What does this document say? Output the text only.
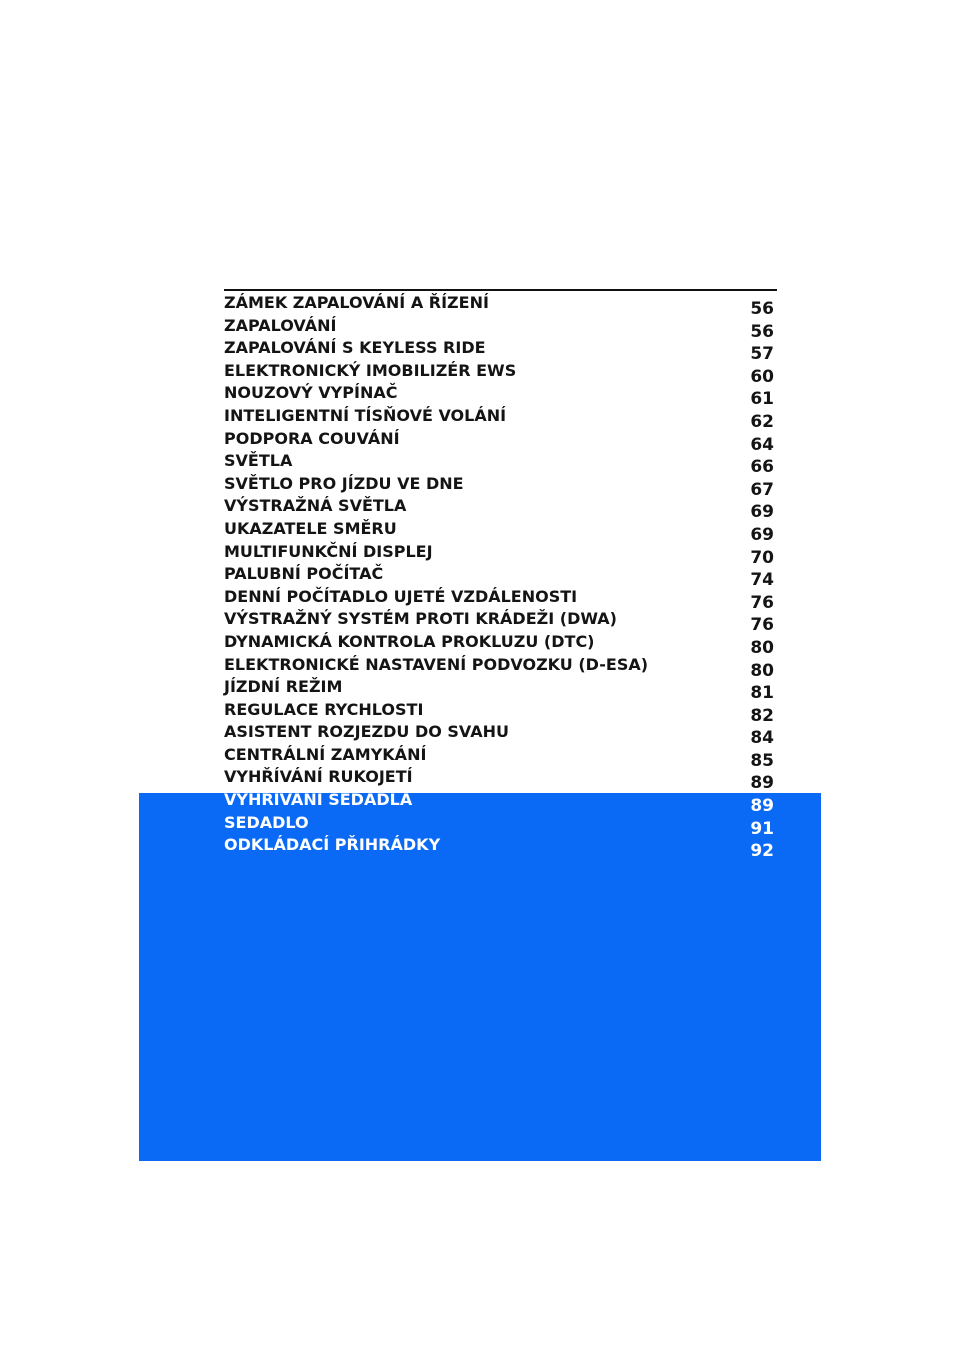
ZÁMEK ZAPALOVÁNÍ A ŘÍZENÍ	56
ZAPALOVÁNÍ	56
ZAPALOVÁNÍ S KEYLESS RIDE	57
ELEKTRONICKÝ IMOBILIZÉR EWS	60
NOUZOVÝ VYPÍNAČ	61
INTELIGENTNÍ TÍSŇOVÉ VOLÁNÍ	62
PODPORA COUVÁNÍ	64
SVĚTLA	66
SVĚTLO PRO JÍZDU VE DNE	67
VÝSTRAŽNÁ SVĚTLA	69
UKAZATELE SMĚRU	69
MULTIFUNKČNÍ DISPLEJ	70
PALUBNÍ POČÍTAČ	74
DENNÍ POČÍTADLO UJETÉ VZDÁLENOSTI	76
VÝSTRAŽNÝ SYSTÉM PROTI KRÁDEŽI (DWA)	76
DYNAMICKÁ KONTROLA PROKLUZU (DTC)	80
ELEKTRONICKÉ NASTAVENÍ PODVOZKU (D-ESA)	80
JÍZDNÍ REŽIM	81
REGULACE RYCHLOSTI	82
ASISTENT ROZJEZDU DO SVAHU	84
CENTRÁLNÍ ZAMYKÁNÍ	85
VYHŘÍVÁNÍ RUKOJETÍ	89
VYHŘÍVÁNÍ SEDADLA	89
SEDADLO	91
ODKLÁDACÍ PŘIHRÁDKY	92
